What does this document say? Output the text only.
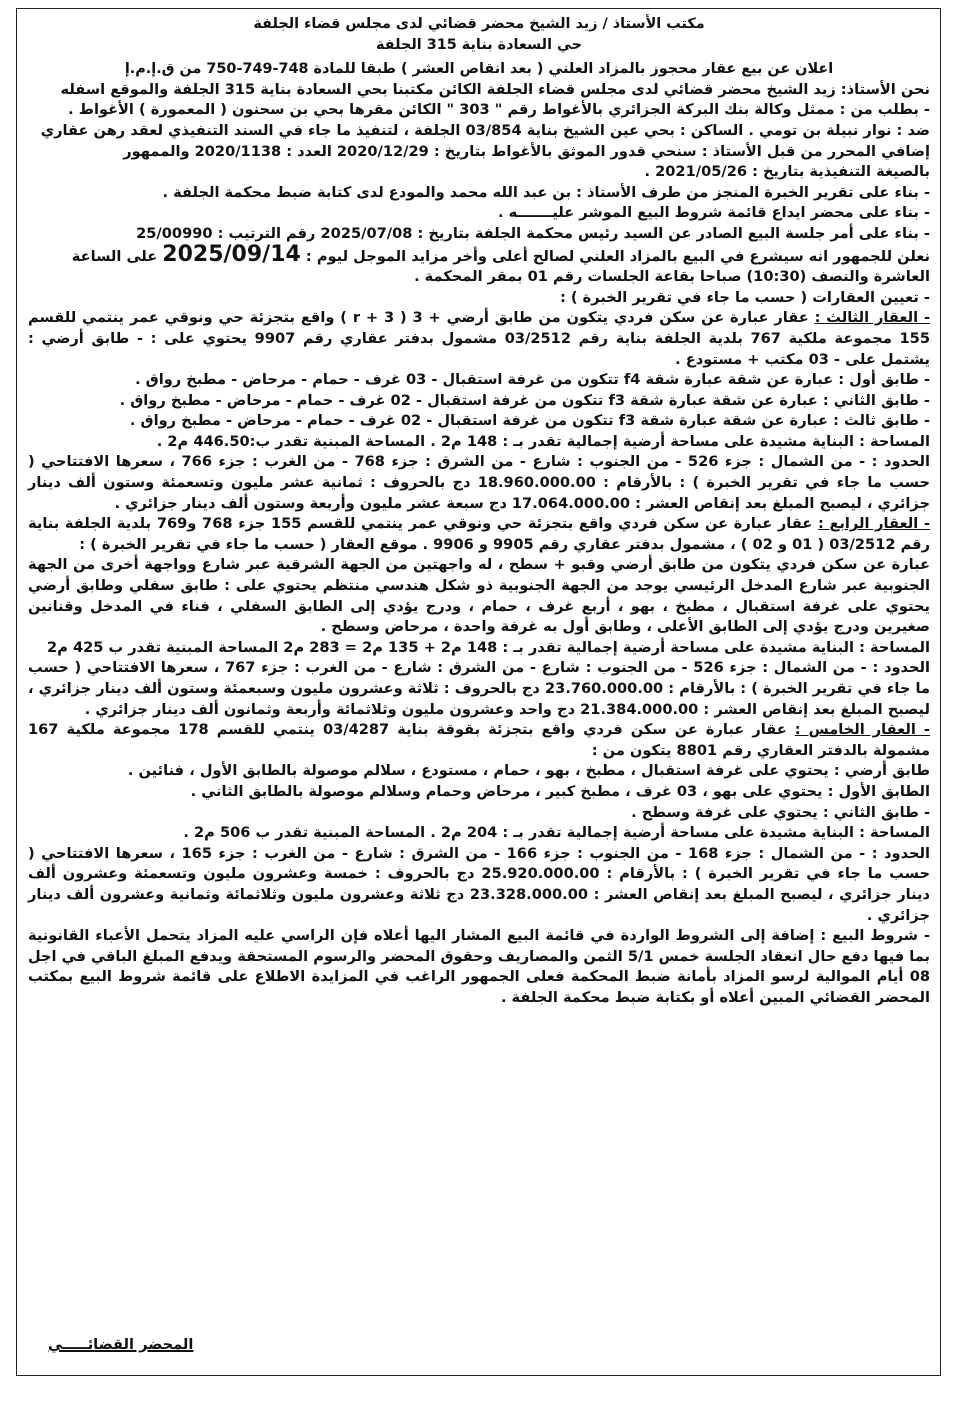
مكتب الأستاذ / زيد الشيخ محضر قضائي لدى مجلس قضاء الجلفة
حي السعادة بناية 315 الجلفة
اعلان عن بيع عقار محجوز بالمزاد العلني ( بعد انقاص العشر ) طبقا للمادة 748-749-750 من ق.إ.م.إ

نحن الأستاذ: زيد الشيخ محضر قضائي لدى مجلس قضاء الجلفة الكائن مكتبنا بحي السعادة بناية 315 الجلفة والموقع اسفله

- بطلب من : ممثل وكالة بنك البركة الجزائري بالأغواط رقم " 303 " الكائن مقرها بحي بن سحنون ( المعمورة ) الأغواط .

ضد : نوار نبيلة بن تومي . الساكن : بحي عين الشيخ بناية 03/854 الجلفة ، لتنفيذ ما جاء في السند التنفيذي لعقد رهن عقاري

إضافي المحرر من قبل الأستاذ : سنحي قدور الموثق بالأغواط بتاريخ : 2020/12/29 العدد : 2020/1138 والممهور

بالصيغة التنفيذية بتاريخ : 2021/05/26 .

- بناء على تقرير الخبرة المنجز من طرف الأستاذ : بن عبد الله محمد والمودع لدى كتابة ضبط محكمة الجلفة .

- بناء على محضر ايداع قائمة شروط البيع الموشر عليـــــــه .

- بناء على أمر جلسة البيع الصادر عن السيد رئيس محكمة الجلفة بتاريخ : 2025/07/08 رقم الترتيب : 25/00990

نعلن للجمهور انه سيشرع في البيع بالمزاد العلني لصالح أعلى وأخر مزايد الموجل ليوم : 2025/09/14 على الساعة

العاشرة والنصف (10:30) صباحا بقاعة الجلسات رقم 01 بمقر المحكمة .

- تعيين العقارات ( حسب ما جاء في تقرير الخبرة ) :

- العقار الثالث : عقار عبارة عن سكن فردي يتكون من طابق أرضي + 3 ( 3 + r ) واقع بتجزئة حي ونوقي عمر ينتمي للقسم 155 مجموعة ملكية 767 بلدية الجلفة بناية رقم 03/2512 مشمول بدفتر عقاري رقم 9907 يحتوي على : - طابق أرضي : يشتمل على - 03 مكتب + مستودع .

- طابق أول : عبارة عن شقة عبارة شقة f4 تتكون من غرفة استقبال - 03 غرف - حمام - مرحاض - مطبخ رواق .

- طابق الثاني : عبارة عن شقة عبارة شقة f3 تتكون من غرفة استقبال - 02 غرف - حمام - مرحاض - مطبخ رواق .

- طابق ثالث : عبارة عن شقة عبارة شقة f3 تتكون من غرفة استقبال - 02 غرف - حمام - مرحاض - مطبخ رواق .

المساحة : البناية مشيدة على مساحة أرضية إجمالية تقدر بـ : 148 م2 . المساحة المبنية تقدر ب:446.50 م2 .

الحدود : - من الشمال : جزء 526 - من الجنوب : شارع - من الشرق : جزء 768 - من الغرب : جزء 766 ، سعرها الافتتاحي ( حسب ما جاء في تقرير الخبرة ) : بالأرقام : 18.960.000.00 دج بالحروف : ثمانية عشر مليون وتسعمئة وستون ألف دينار جزائري ، ليصبح المبلغ بعد إنقاص العشر : 17.064.000.00 دج سبعة عشر مليون وأربعة وستون ألف دينار جزائري .

- العقار الرابع : عقار عبارة عن سكن فردي واقع بتجزئة حي ونوقي عمر ينتمي للقسم 155 جزء 768 و769 بلدية الجلفة بناية رقم 03/2512 ( 01 و 02 ) ، مشمول بدفتر عقاري رقم 9905 و 9906 . موقع العقار ( حسب ما جاء في تقرير الخبرة ) :

عبارة عن سكن فردي يتكون من طابق أرضي وقبو + سطح ، له واجهتين من الجهة الشرقية عبر شارع وواجهة أخرى من الجهة الجنوبية عبر شارع المدخل الرئيسي يوجد من الجهة الجنوبية ذو شكل هندسي منتظم يحتوي على : طابق سفلي وطابق أرضي يحتوي على غرفة استقبال ، مطبخ ، بهو ، أربع غرف ، حمام ، ودرج يؤدي إلى الطابق السفلي ، فناء في المدخل وقنانين صغيرين ودرج يؤدي إلى الطابق الأعلى ، وطابق أول به غرفة واحدة ، مرحاض وسطح .

المساحة : البناية مشيدة على مساحة أرضية إجمالية تقدر بـ : 148 م2 + 135 م2 = 283 م2 المساحة المبنية تقدر ب 425 م2

الحدود : - من الشمال : جزء 526 - من الجنوب : شارع - من الشرق : شارع - من الغرب : جزء 767 ، سعرها الافتتاحي ( حسب ما جاء في تقرير الخبرة ) : بالأرقام : 23.760.000.00 دج بالحروف : ثلاثة وعشرون مليون وسبعمئة وستون ألف دينار جزائري ، ليصبح المبلغ بعد إنقاص العشر : 21.384.000.00 دج واحد وعشرون مليون وثلاثمائة وأربعة وثمانون ألف دينار جزائري .

- العقار الخامس : عقار عبارة عن سكن فردي واقع بتجزئة بقوقة بناية 03/4287 ينتمي للقسم 178 مجموعة ملكية 167 مشمولة بالدفتر العقاري رقم 8801 يتكون من :

طابق أرضي : يحتوي على غرفة استقبال ، مطبخ ، بهو ، حمام ، مستودع ، سلالم موصولة بالطابق الأول ، فنائين .

الطابق الأول : يحتوي على بهو ، 03 غرف ، مطبخ كبير ، مرحاض وحمام وسلالم موصولة بالطابق الثاني .

- طابق الثاني : يحتوي على غرفة وسطح .

المساحة : البناية مشيدة على مساحة أرضية إجمالية تقدر بـ : 204 م2 . المساحة المبنية تقدر ب 506 م2 .

الحدود : - من الشمال : جزء 168 - من الجنوب : جزء 166 - من الشرق : شارع - من الغرب : جزء 165 ، سعرها الافتتاحي ( حسب ما جاء في تقرير الخبرة ) : بالأرقام : 25.920.000.00 دج بالحروف : خمسة وعشرون مليون وتسعمئة وعشرون ألف دينار جزائري ، ليصبح المبلغ بعد إنقاص العشر : 23.328.000.00 دج ثلاثة وعشرون مليون وثلاثمائة وثمانية وعشرون ألف دينار جزائري .

- شروط البيع : إضافة إلى الشروط الواردة في قائمة البيع المشار اليها أعلاه فإن الراسي عليه المزاد يتحمل الأعباء القانونية بما فيها دفع حال انعقاد الجلسة خمس 5/1 الثمن والمصاريف وحقوق المحضر والرسوم المستحقة ويدفع المبلغ الباقي في اجل 08 أيام الموالية لرسو المزاد بأمانة ضبط المحكمة فعلى الجمهور الراغب في المزايدة الاطلاع على قائمة شروط البيع بمكتب المحضر القضائي المبين أعلاه أو بكتابة ضبط محكمة الجلفة .

المحضر القضائـــــي
